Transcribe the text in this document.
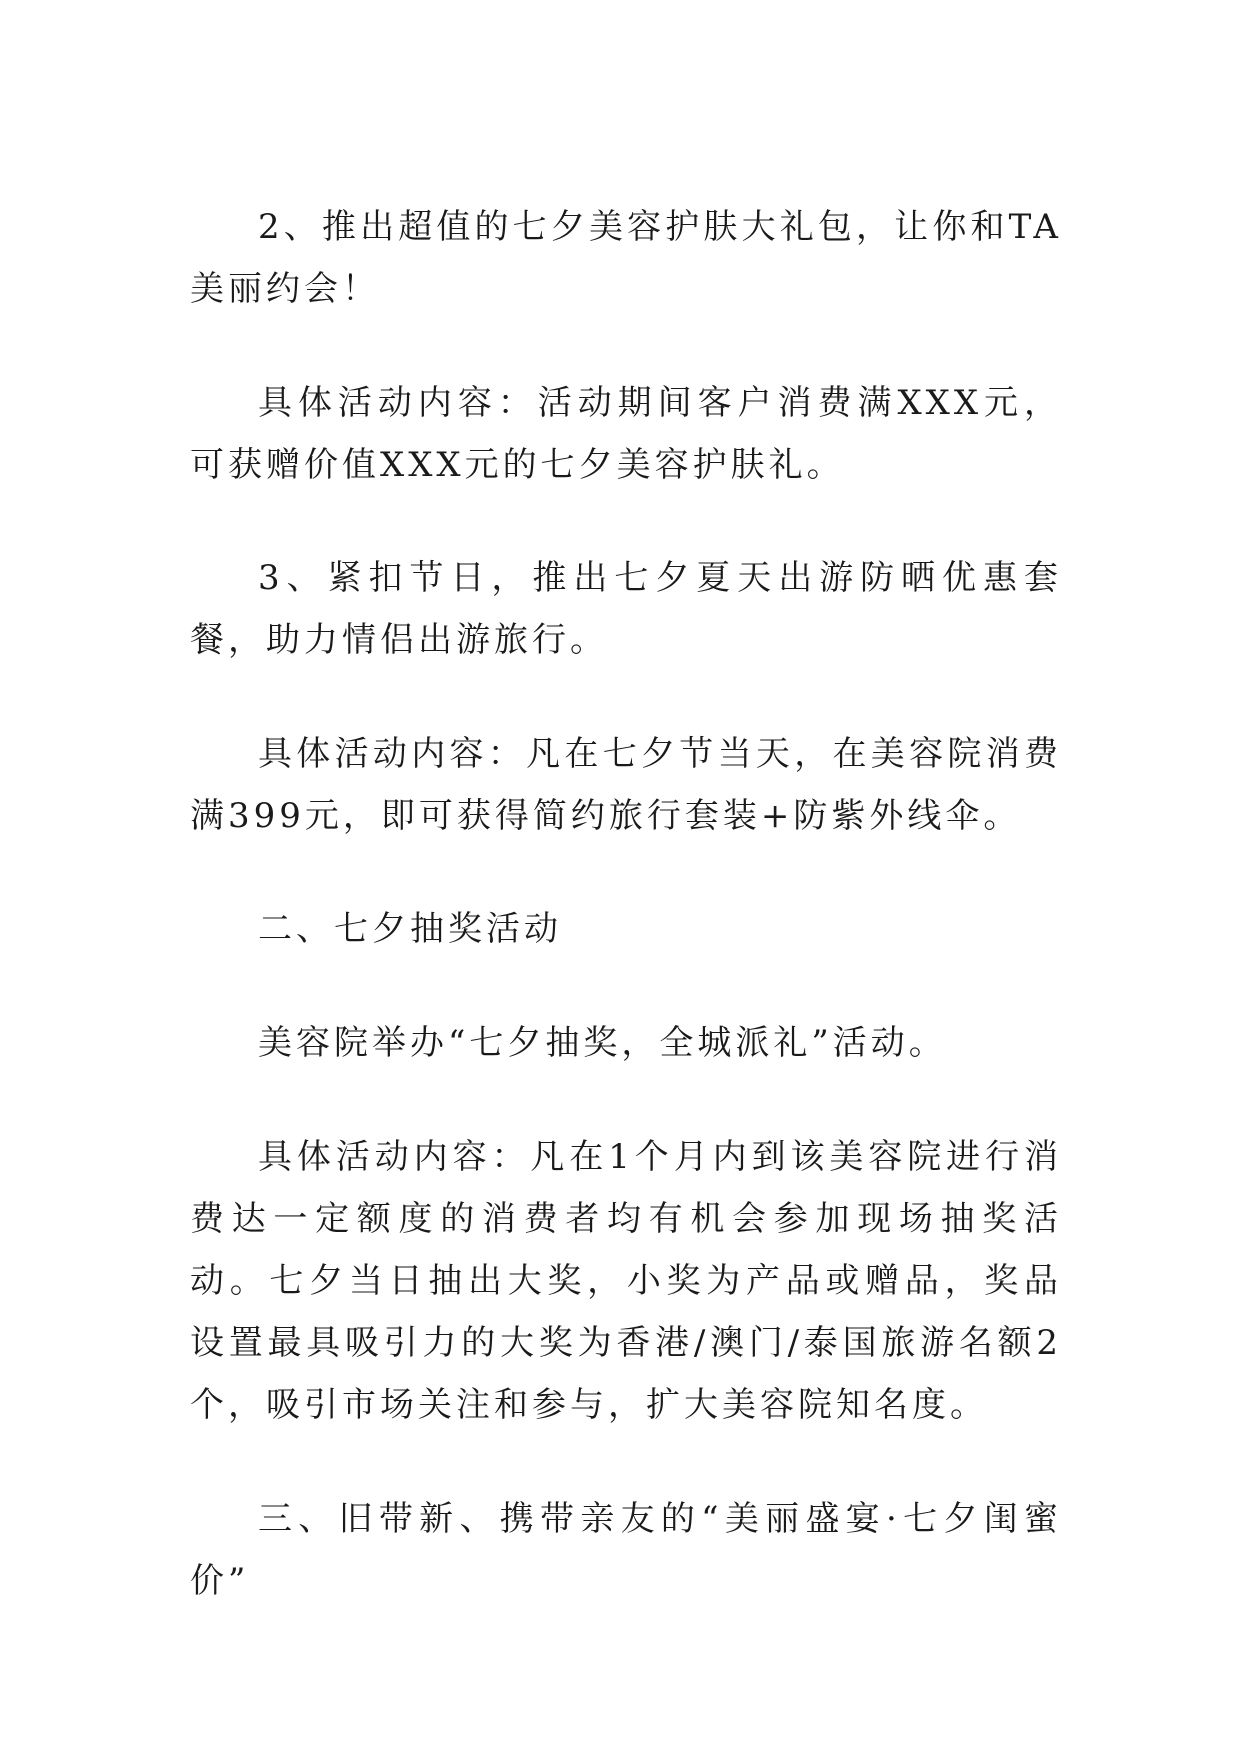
2、推出超值的七夕美容护肤大礼包，让你和TA美丽约会！

具体活动内容：活动期间客户消费满XXX元，可获赠价值XXX元的七夕美容护肤礼。

3、紧扣节日，推出七夕夏天出游防晒优惠套餐，助力情侣出游旅行。

具体活动内容：凡在七夕节当天，在美容院消费满399元，即可获得简约旅行套装+防紫外线伞。

二、七夕抽奖活动

美容院举办“七夕抽奖，全城派礼”活动。

具体活动内容：凡在1个月内到该美容院进行消费达一定额度的消费者均有机会参加现场抽奖活动。七夕当日抽出大奖，小奖为产品或赠品，奖品设置最具吸引力的大奖为香港/澳门/泰国旅游名额2个，吸引市场关注和参与，扩大美容院知名度。

三、旧带新、携带亲友的“美丽盛宴·七夕闺蜜价”
